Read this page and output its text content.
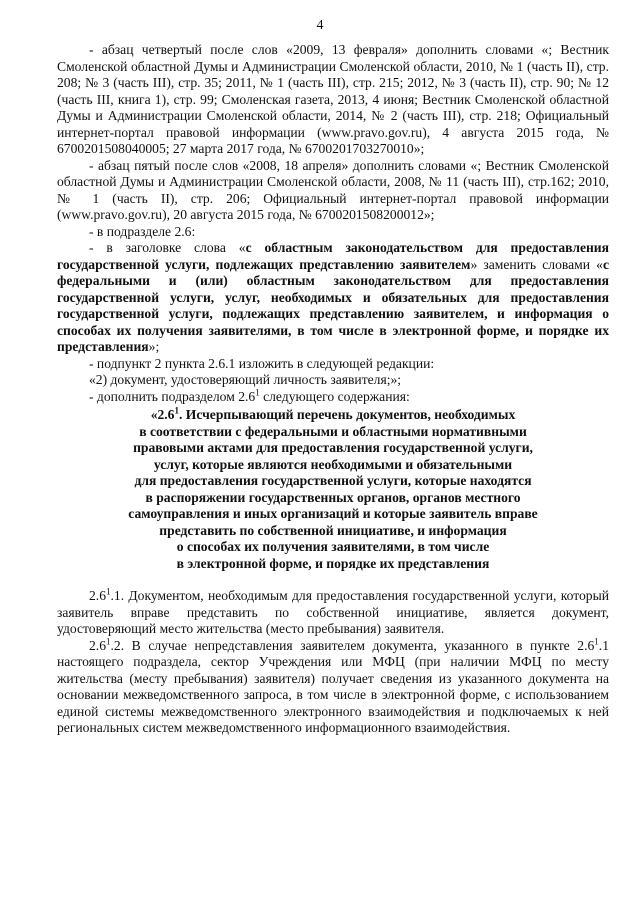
4

- абзац четвертый после слов «2009, 13 февраля» дополнить словами «; Вестник Смоленской областной Думы и Администрации Смоленской области, 2010, № 1 (часть II), стр. 208; № 3 (часть III), стр. 35; 2011, № 1 (часть III), стр. 215; 2012, № 3 (часть II), стр. 90; № 12 (часть III, книга 1), стр. 99; Смоленская газета, 2013, 4 июня; Вестник Смоленской областной Думы и Администрации Смоленской области, 2014, № 2 (часть III), стр. 218; Официальный интернет-портал правовой информации (www.pravo.gov.ru), 4 августа 2015 года, № 6700201508040005; 27 марта 2017 года, № 6700201703270010»;

- абзац пятый после слов «2008, 18 апреля» дополнить словами «; Вестник Смоленской областной Думы и Администрации Смоленской области, 2008, № 11 (часть III), стр.162; 2010, № 1 (часть II), стр. 206; Официальный интернет-портал правовой информации (www.pravo.gov.ru), 20 августа 2015 года, № 6700201508200012»;

- в подразделе 2.6:

- в заголовке слова «с областным законодательством для предоставления государственной услуги, подлежащих представлению заявителем» заменить словами «с федеральными и (или) областным законодательством для предоставления государственной услуги, услуг, необходимых и обязательных для предоставления государственной услуги, подлежащих представлению заявителем, и информация о способах их получения заявителями, в том числе в электронной форме, и порядке их представления»;

- подпункт 2 пункта 2.6.1 изложить в следующей редакции:

«2) документ, удостоверяющий личность заявителя;»;

- дополнить подразделом $2.6^1$ следующего содержания:

«$2.6^1$. Исчерпывающий перечень документов, необходимых
в соответствии с федеральными и областными нормативными
правовыми актами для предоставления государственной услуги,
услуг, которые являются необходимыми и обязательными
для предоставления государственной услуги, которые находятся
в распоряжении государственных органов, органов местного
самоуправления и иных организаций и которые заявитель вправе
представить по собственной инициативе, и информация
о способах их получения заявителями, в том числе
в электронной форме, и порядке их представления

$2.6^1.1$. Документом, необходимым для предоставления государственной услуги, который заявитель вправе представить по собственной инициативе, является документ, удостоверяющий место жительства (место пребывания) заявителя.

$2.6^1.2$. В случае непредставления заявителем документа, указанного в пункте $2.6^1.1$ настоящего подраздела, сектор Учреждения или МФЦ (при наличии МФЦ по месту жительства (месту пребывания) заявителя) получает сведения из указанного документа на основании межведомственного запроса, в том числе в электронной форме, с использованием единой системы межведомственного электронного взаимодействия и подключаемых к ней региональных систем межведомственного информационного взаимодействия.
